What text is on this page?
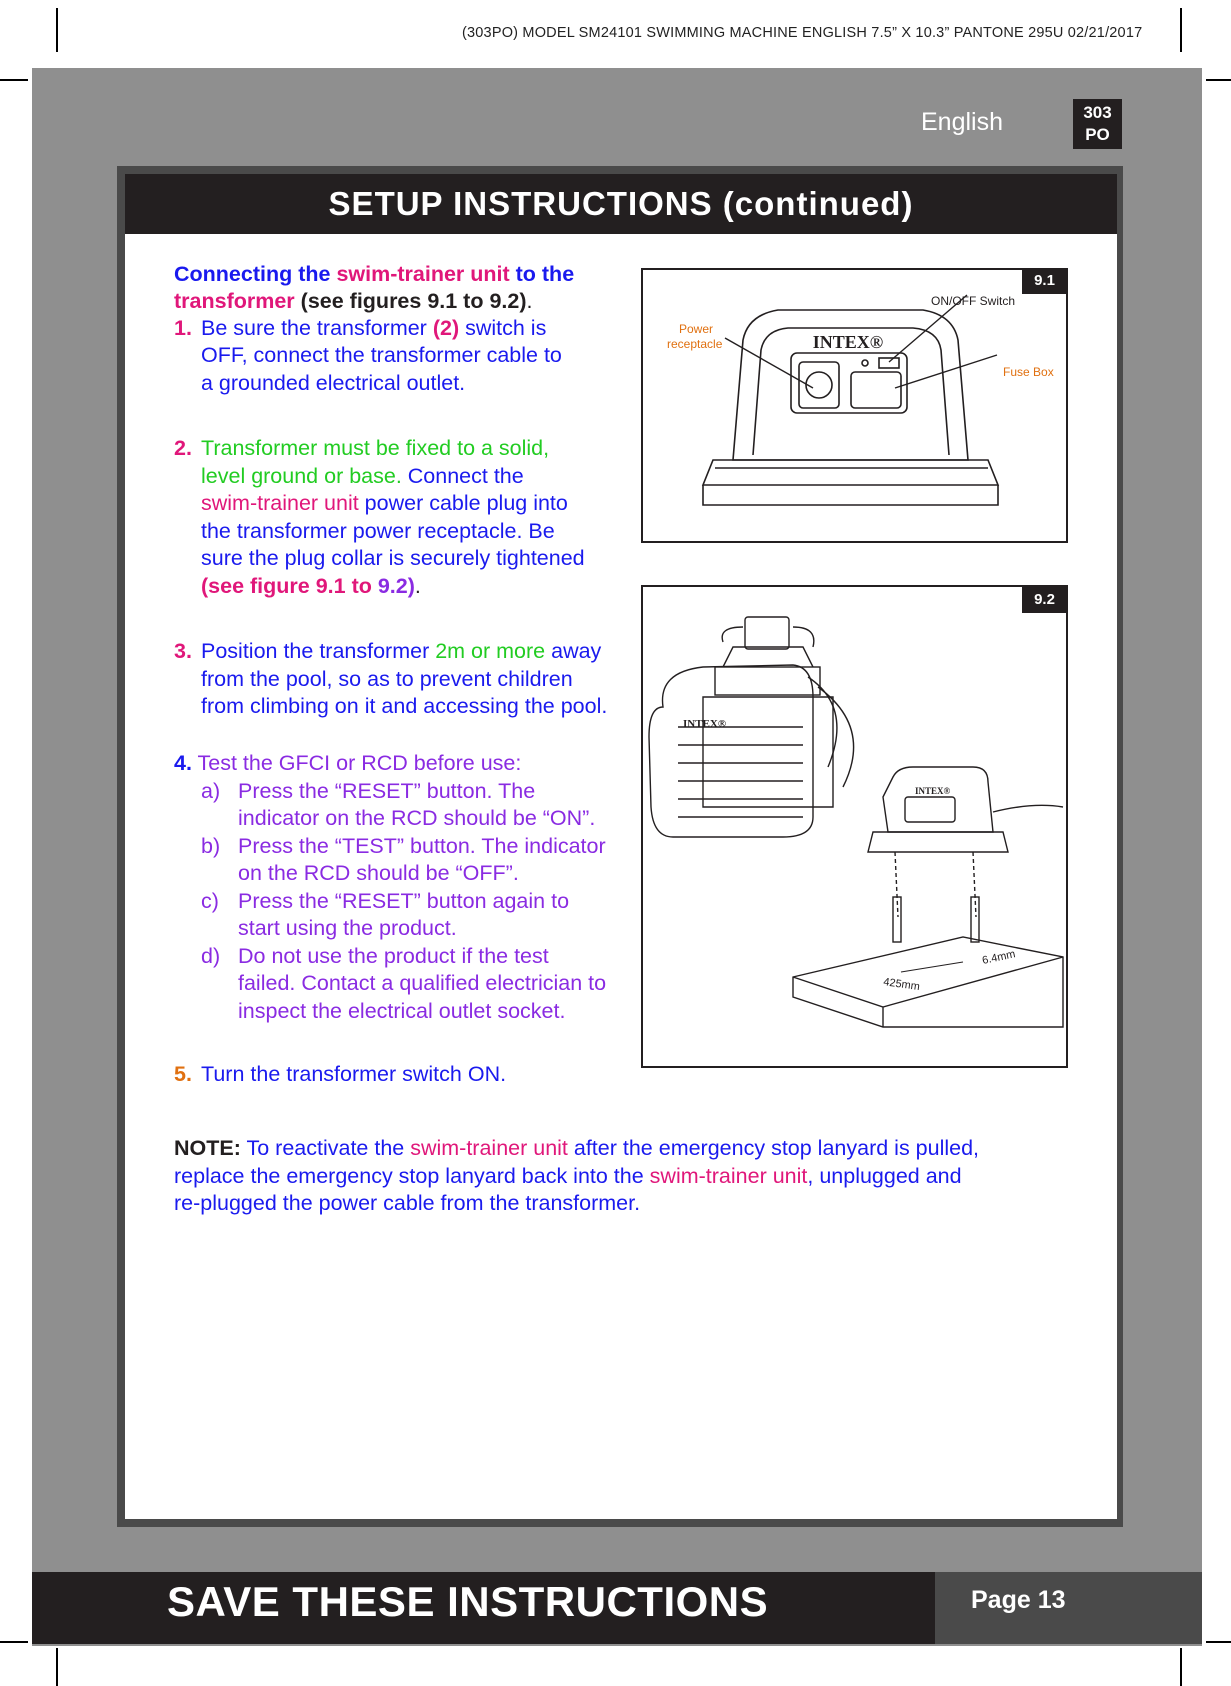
(303PO) MODEL SM24101 SWIMMING MACHINE ENGLISH 7.5” X 10.3” PANTONE 295U 02/21/2017
English	303
PO
SETUP INSTRUCTIONS (continued)
Connecting the swim-trainer unit to the
transformer (see figures 9.1 to 9.2).
1. Be sure the transformer (2) switch is
OFF, connect the transformer cable to
a grounded electrical outlet.
2. Transformer must be fixed to a solid,
level ground or base. Connect the
swim-trainer unit power cable plug into
the transformer power receptacle. Be
sure the plug collar is securely tightened
(see figure 9.1 to 9.2).
3. Position the transformer 2m or more away
from the pool, so as to prevent children
from climbing on it and accessing the pool.
4. Test the GFCI or RCD before use:
a) Press the “RESET” button. The
indicator on the RCD should be “ON”.
b) Press the “TEST” button. The indicator
on the RCD should be “OFF”.
c) Press the “RESET” button again to
start using the product.
d) Do not use the product if the test
failed. Contact a qualified electrician to
inspect the electrical outlet socket.
5. Turn the transformer switch ON.
NOTE: To reactivate the swim-trainer unit after the emergency stop lanyard is pulled,
replace the emergency stop lanyard back into the swim-trainer unit, unplugged and
re-plugged the power cable from the transformer.
INTEX®
9.1
ON/OFF Switch
Power
receptacle
Fuse Box
INTEX®
INTEX®
425mm
6.4mm
9.2
SAVE THESE INSTRUCTIONS	Page 13
